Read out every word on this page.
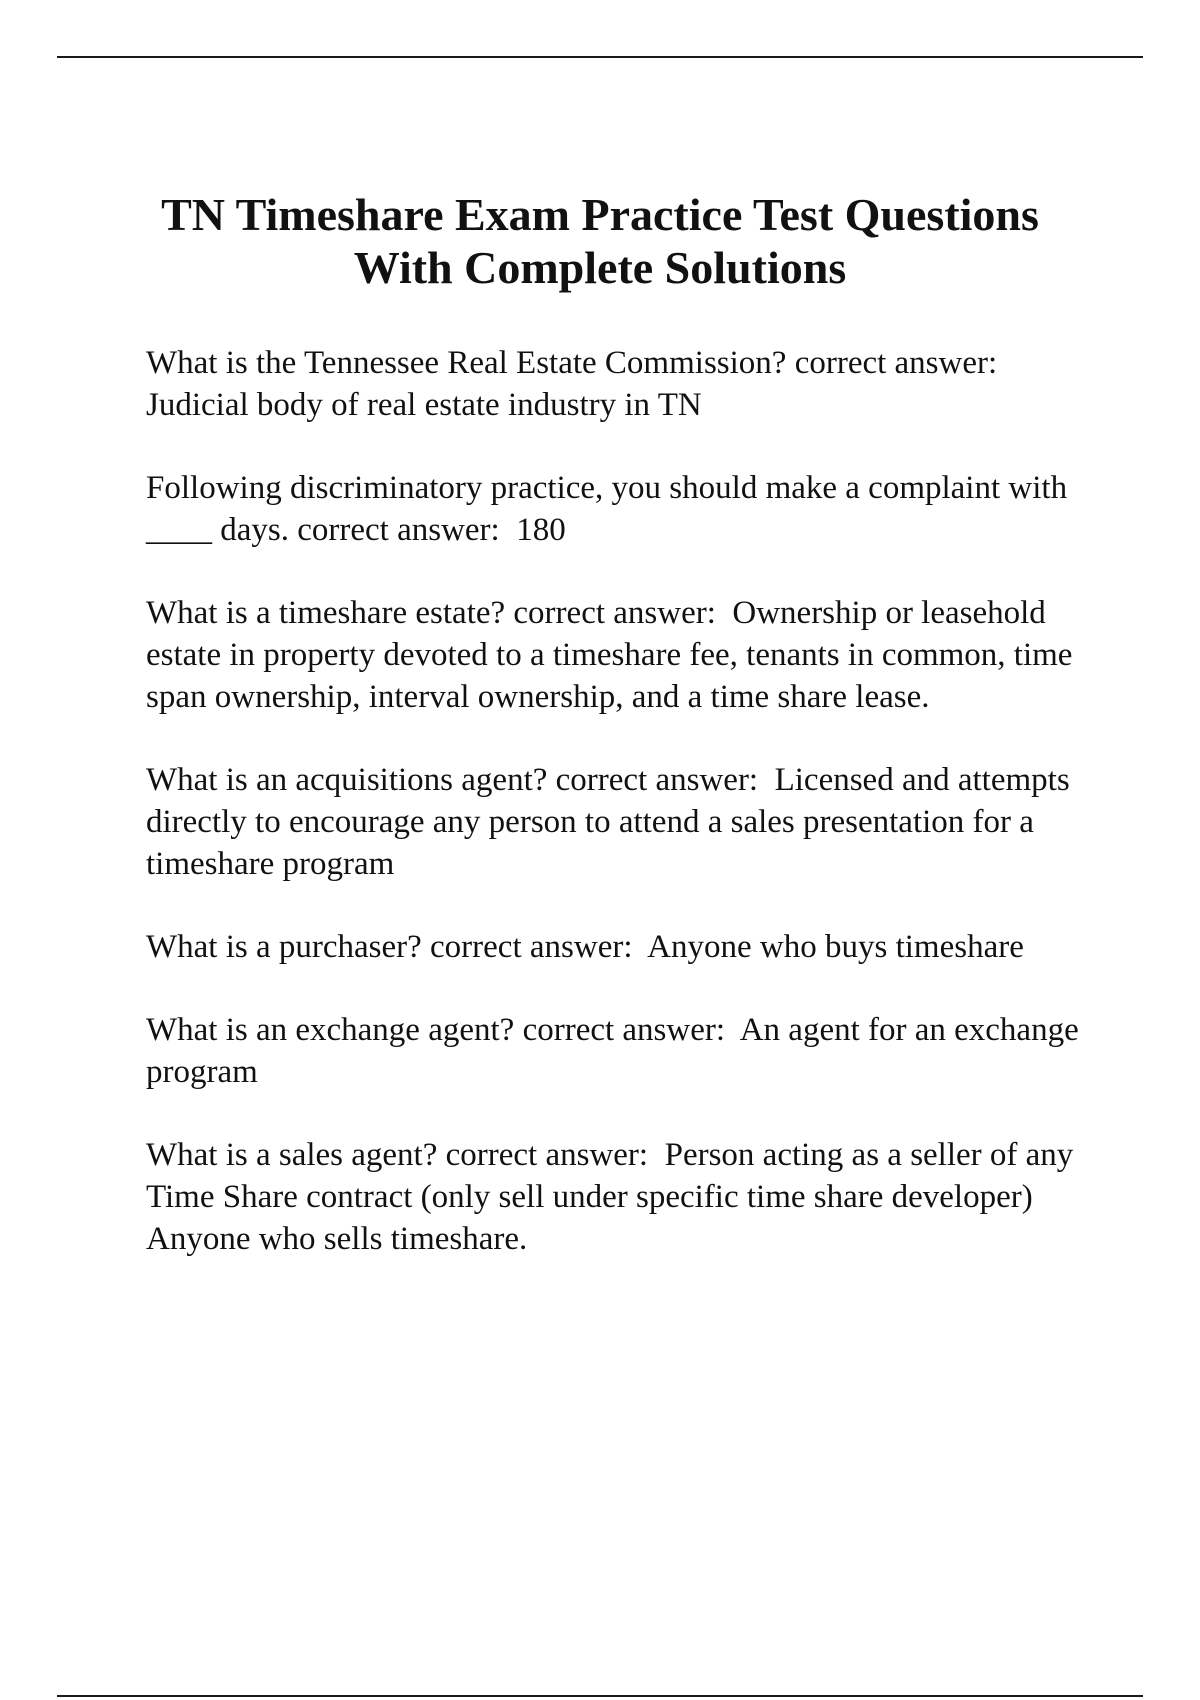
TN Timeshare Exam Practice Test Questions
With Complete Solutions
What is the Tennessee Real Estate Commission? correct answer: Judicial body of real estate industry in TN
Following discriminatory practice, you should make a complaint with ____ days. correct answer:  180
What is a timeshare estate? correct answer:  Ownership or leasehold estate in property devoted to a timeshare fee, tenants in common, time span ownership, interval ownership, and a time share lease.
What is an acquisitions agent? correct answer:  Licensed and attempts directly to encourage any person to attend a sales presentation for a timeshare program
What is a purchaser? correct answer:  Anyone who buys timeshare
What is an exchange agent? correct answer:  An agent for an exchange program
What is a sales agent? correct answer:  Person acting as a seller of any Time Share contract (only sell under specific time share developer) Anyone who sells timeshare.
